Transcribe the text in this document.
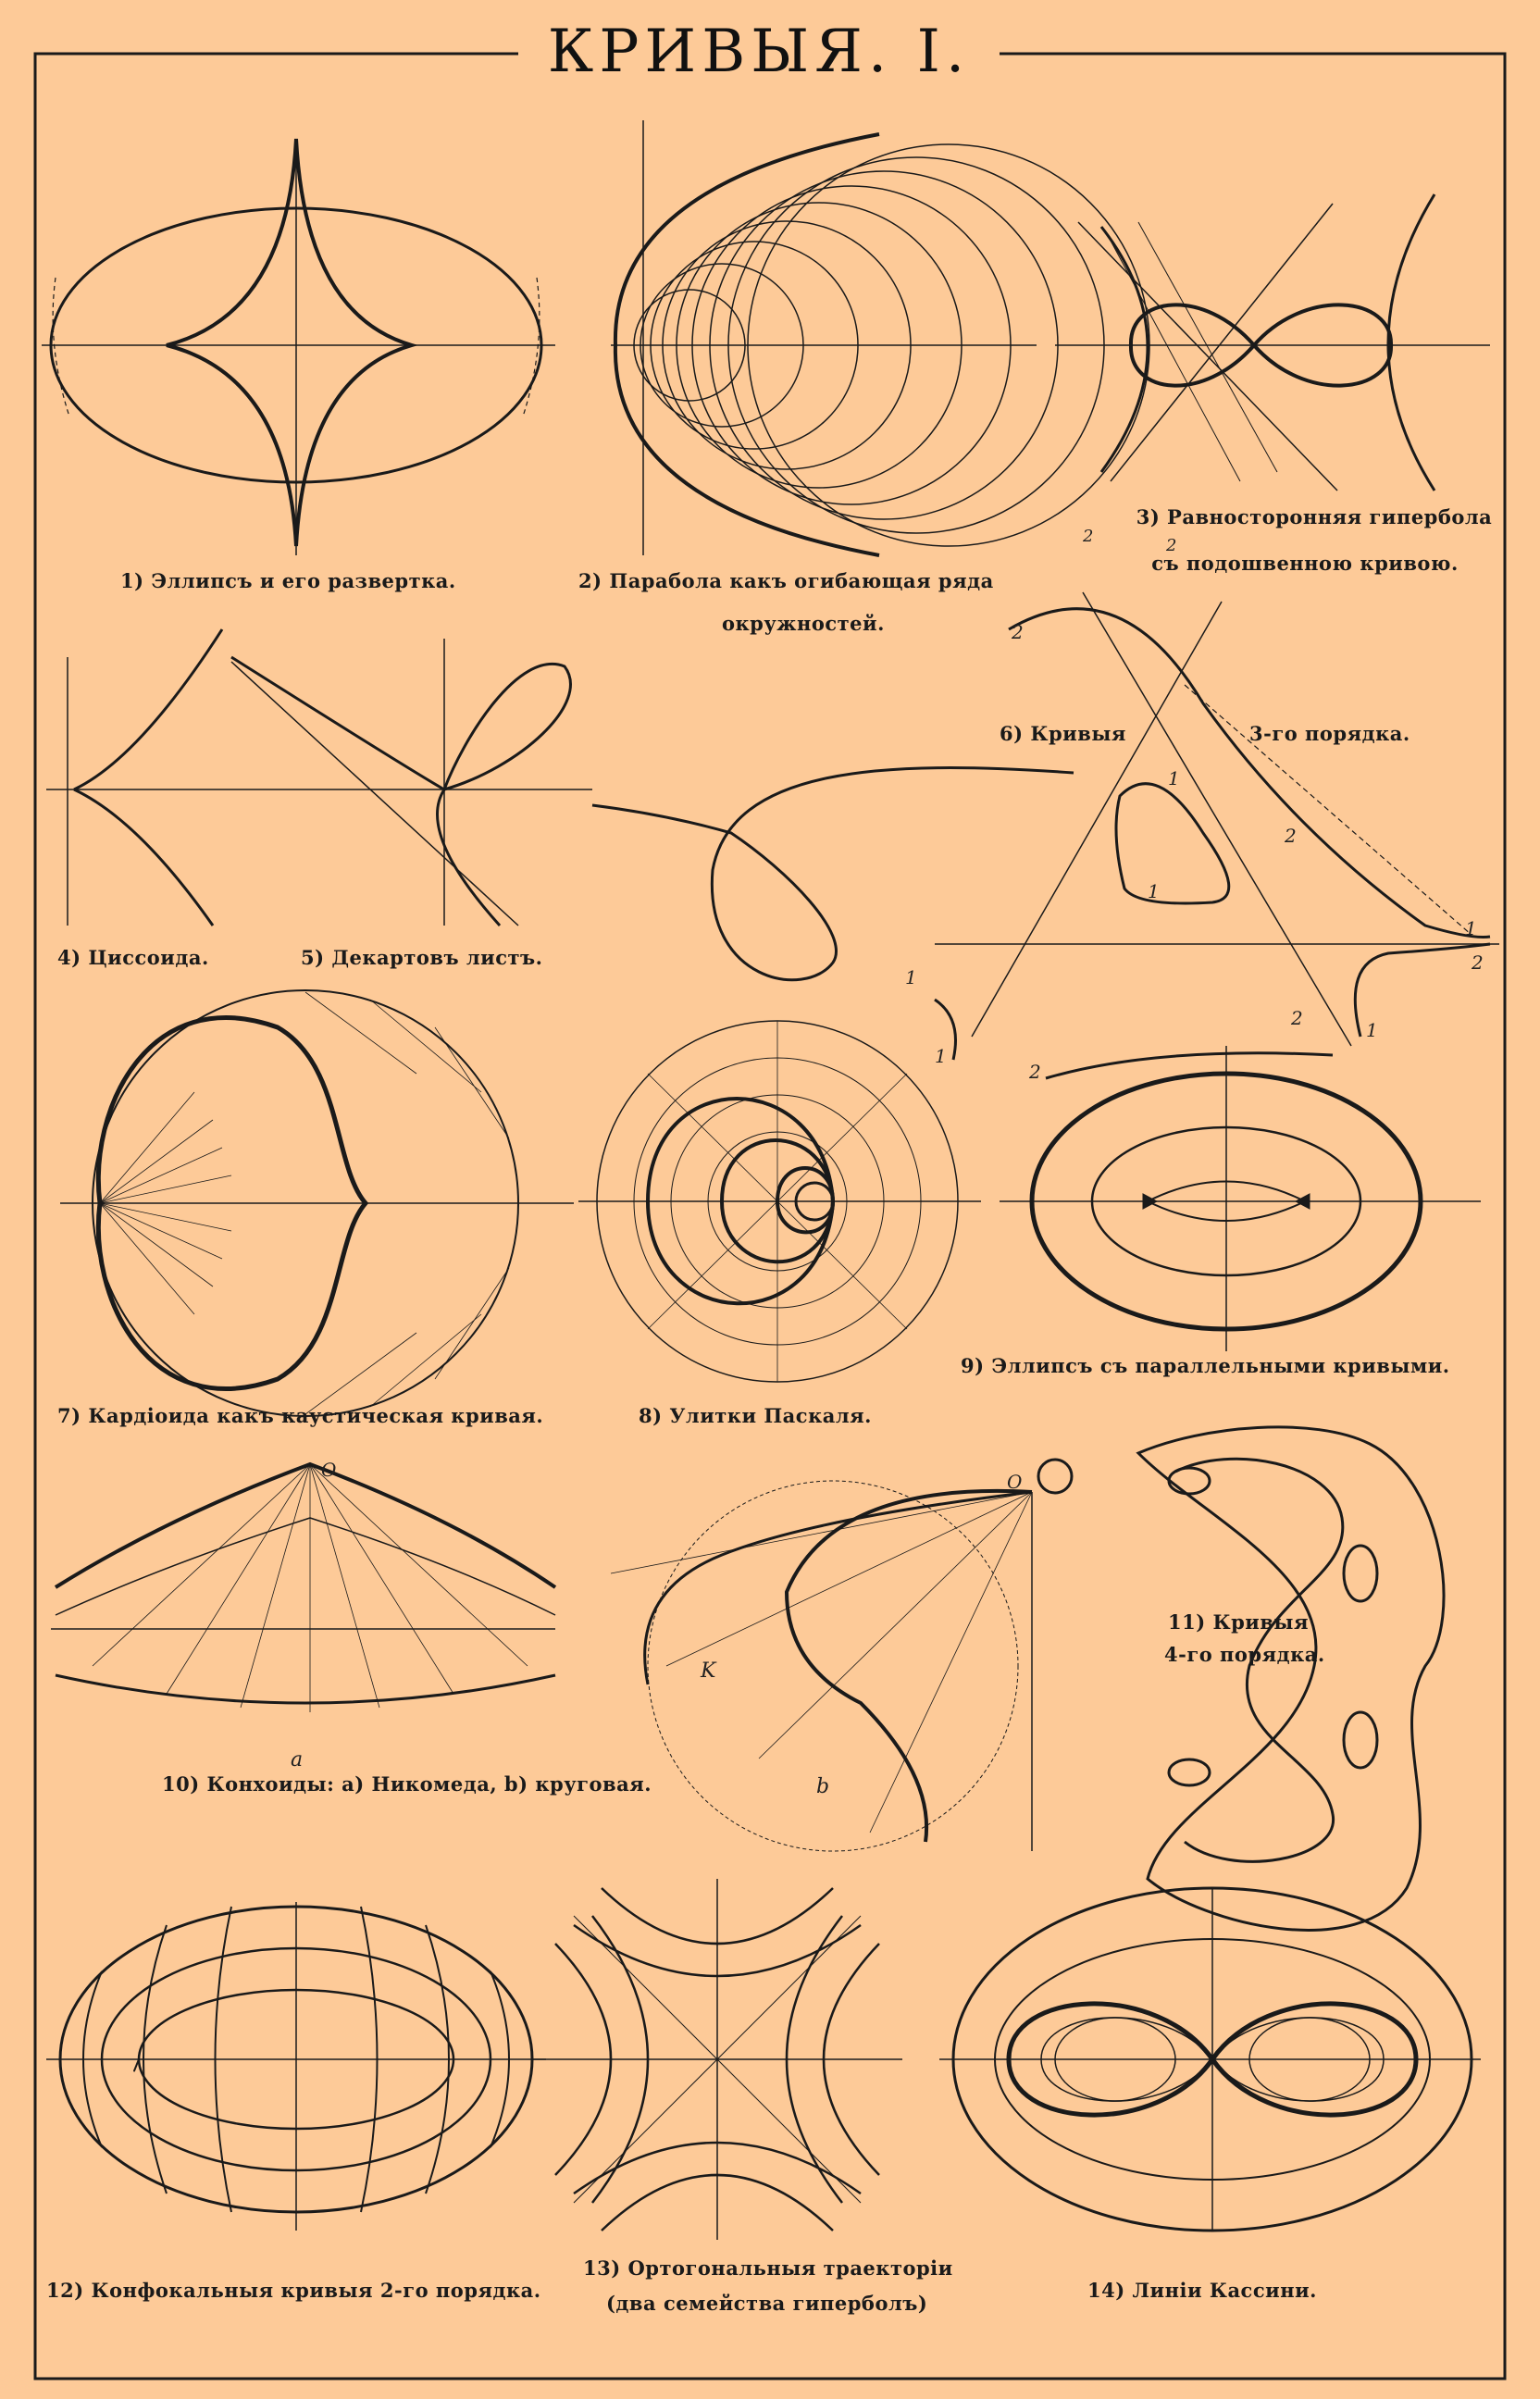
3) Равносторонняя гипербола
съ подошвенною кривою.
2
1
2
1
1
2
1
1
1
2
2
2	2
O
a
O
K
b
КРИВЫЯ. I.
1) Эллипсъ и его развертка.	2) Парабола какъ огибающая ряда
окружностей.
4) Циссоида.	5) Декартовъ листъ.
6) Кривыя	3-го порядка.
7) Кардіоида какъ каустическая кривая.	8) Улитки Паскаля.
9) Эллипсъ съ параллельными кривыми.
10) Конхоиды: a) Никомеда, b) круговая.
11) Кривыя
4-го порядка.
12) Конфокальныя кривыя 2-го порядка.
13) Ортогональныя траекторіи
(два семейства гиперболъ)
14) Линіи Кассини.
